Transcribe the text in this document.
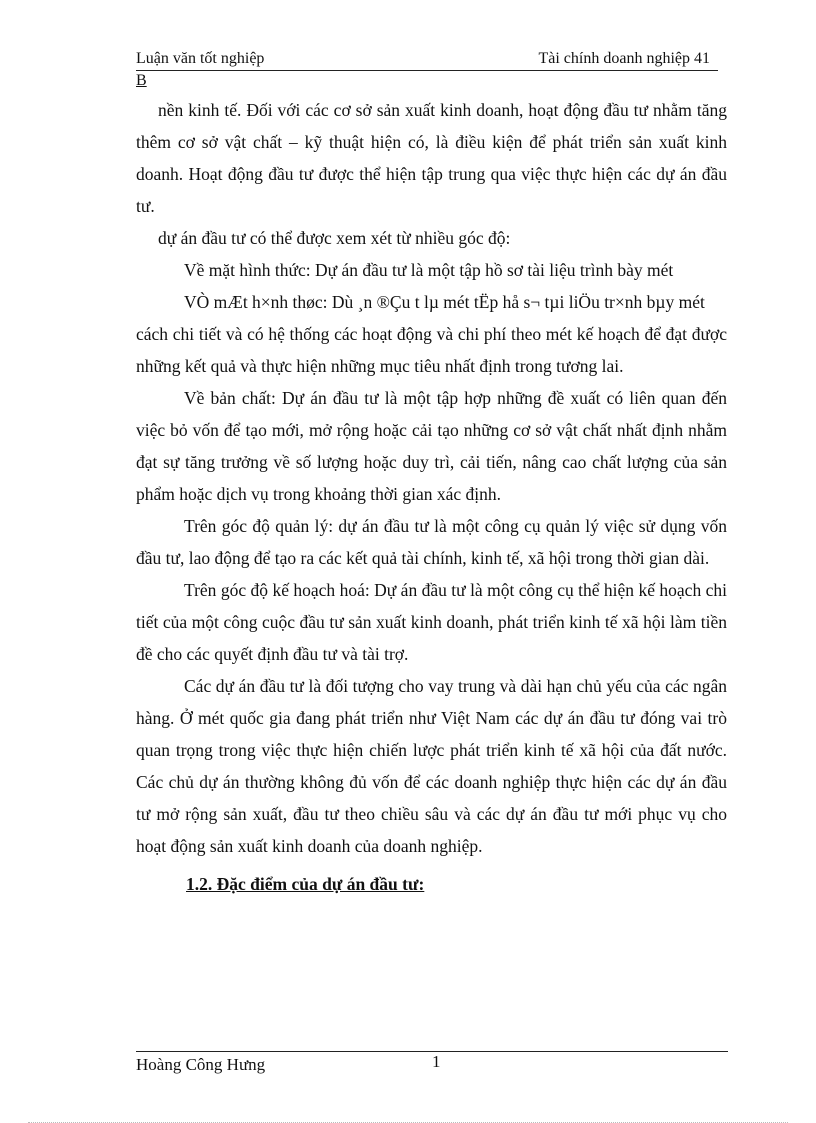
Luận văn tốt nghiệp	Tài chính doanh nghiệp 41
B

nền kinh tế. Đối với các cơ sở sản xuất kinh doanh, hoạt động đầu tư nhằm tăng thêm cơ sở vật chất – kỹ thuật hiện có, là điều kiện để phát triển sản xuất kinh doanh. Hoạt động đầu tư được thể hiện tập trung qua việc thực hiện các dự án đầu tư.

dự án đầu tư có thể được xem xét từ nhiều góc độ:

Về mặt hình thức: Dự án đầu tư là một tập hồ sơ tài liệu trình bày mét

VÒ mÆt h×nh thøc: Dù ¸n ®Çu t lµ mét tËp hå s¬ tµi liÖu tr×nh bµy mét

cách chi tiết và có hệ thống các hoạt động và chi phí theo mét kế hoạch để đạt được những kết quả và thực hiện những mục tiêu nhất định trong tương lai.

Về bản chất: Dự án đầu tư là một tập hợp những đề xuất có liên quan đến việc bỏ vốn để tạo mới, mở rộng hoặc cải tạo những cơ sở vật chất nhất định nhằm đạt sự tăng trưởng về số lượng hoặc duy trì, cải tiến, nâng cao chất lượng của sản phẩm hoặc dịch vụ trong khoảng thời gian xác định.

Trên góc độ quản lý: dự án đầu tư là một công cụ quản lý việc sử dụng vốn đầu tư, lao động để tạo ra các kết quả tài chính, kinh tế, xã hội trong thời gian dài.

Trên góc độ kế hoạch hoá: Dự án đầu tư là một công cụ thể hiện kế hoạch chi tiết của một công cuộc đầu tư sản xuất kinh doanh, phát triển kinh tế xã hội làm tiền đề cho các quyết định đầu tư và tài trợ.

Các dự án đầu tư là đối tượng cho vay trung và dài hạn chủ yếu của các ngân hàng. Ở mét quốc gia đang phát triển như Việt Nam các dự án đầu tư đóng vai trò quan trọng trong việc thực hiện chiến lược phát triển kinh tế xã hội của đất nước. Các chủ dự án thường không đủ vốn để các doanh nghiệp thực hiện các dự án đầu tư mở rộng sản xuất, đầu tư theo chiều sâu và các dự án đầu tư mới phục vụ cho hoạt động sản xuất kinh doanh của doanh nghiệp.

1.2. Đặc điểm của dự án đầu tư:

Hoàng Công Hưng	1
